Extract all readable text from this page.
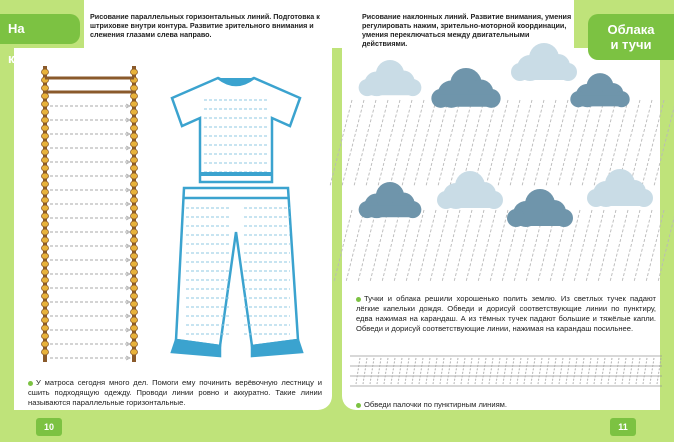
На корабле
Облака
и тучи
Рисование параллельных горизонтальных линий. Подготовка к штриховке внутри контура. Развитие зрительного внимания и слежения глазами слева направо.
Рисование наклонных линий. Развитие внимания, умения регулировать нажим, зрительно-моторной координации, умения переключаться между двигательными действиями.
У матроса сегодня много дел. Помоги ему починить верёвочную лестницу и сшить подходящую одежду. Проводи линии ровно и аккуратно. Такие линии называются параллельные горизонтальные.
Тучки и облака решили хорошенько полить землю. Из светлых тучек падают лёгкие капельки дождя. Обведи и дорисуй соответствующие линии по пунктиру, едва нажимая на карандаш. А из тёмных тучек падают большие и тяжёлые капли. Обведи и дорисуй соответствующие линии, нажимая на карандаш посильнее.
Обведи палочки по пунктирным линиям.
10	11
